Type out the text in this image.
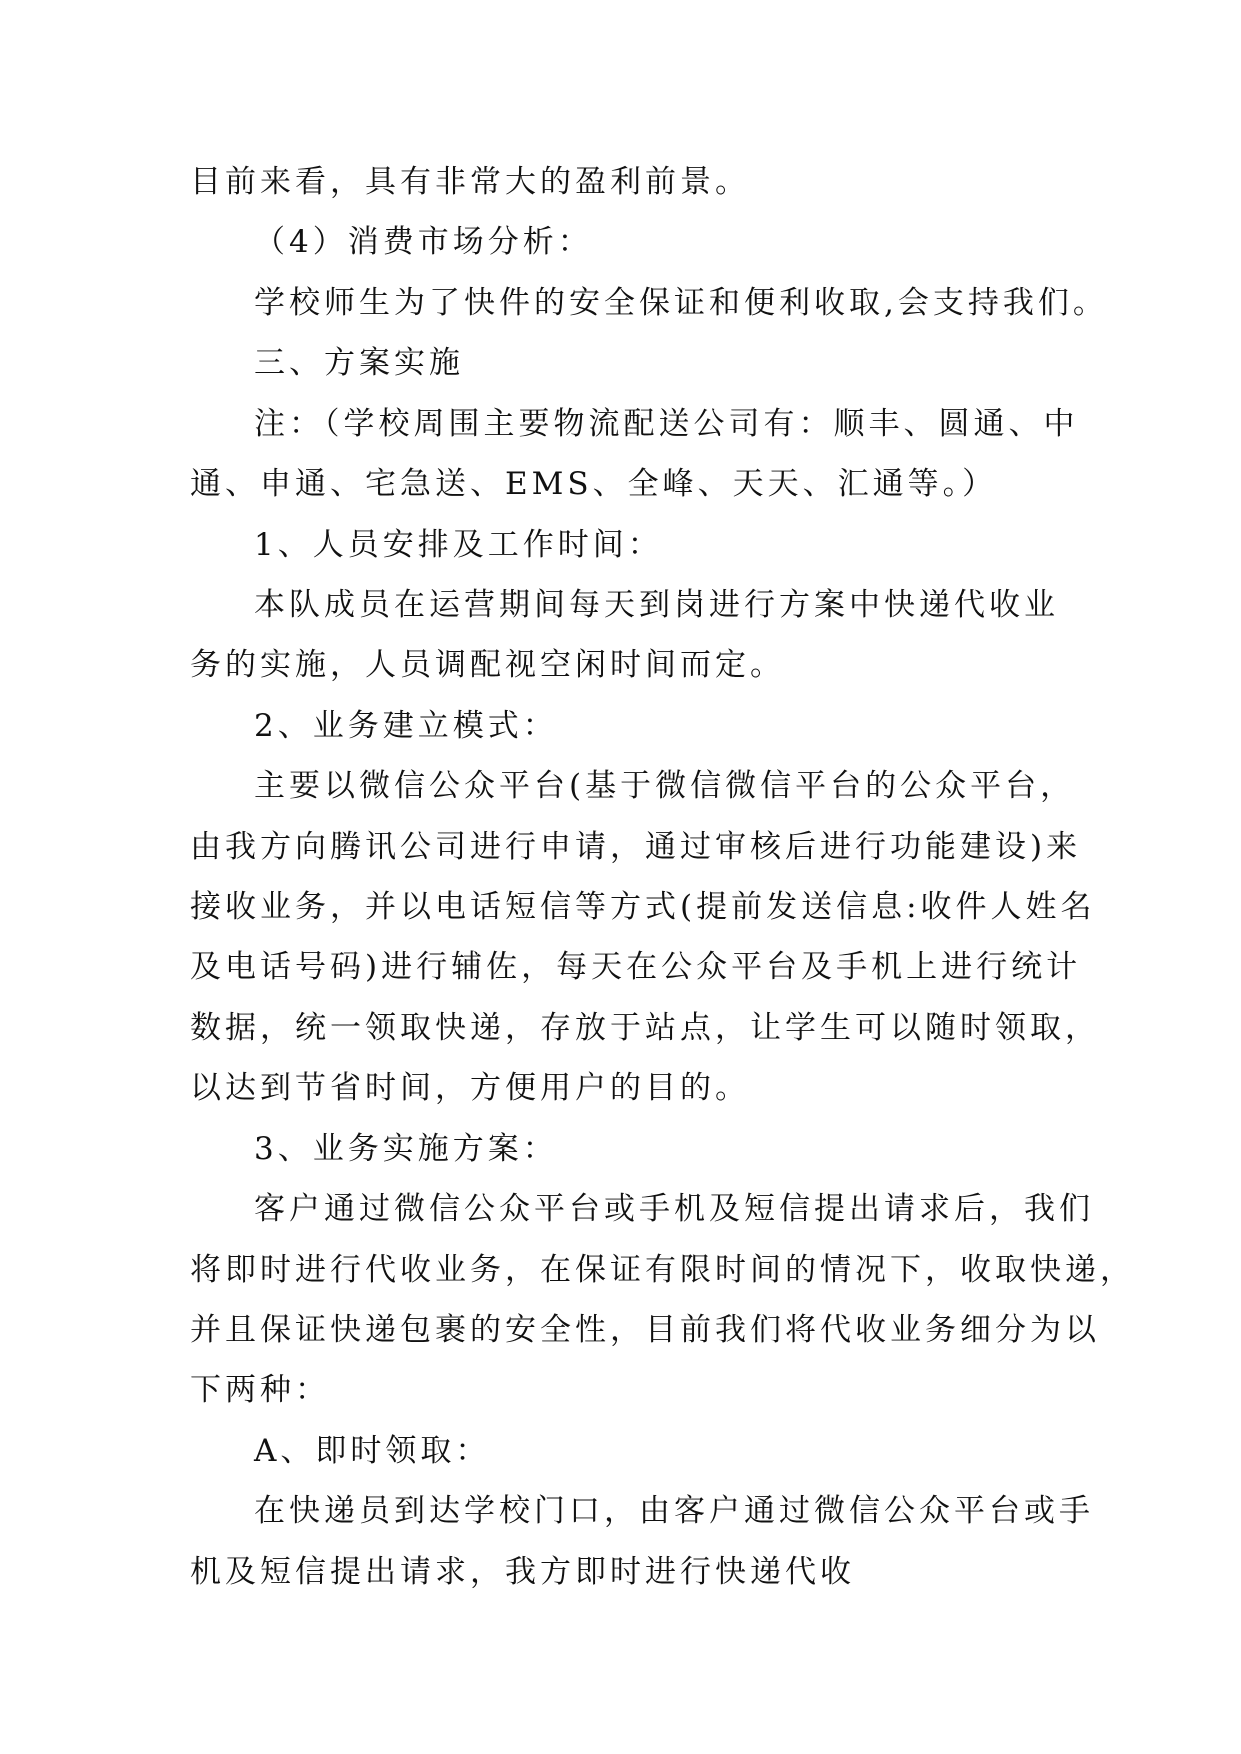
目前来看，具有非常大的盈利前景。
（4）消费市场分析：
学校师生为了快件的安全保证和便利收取,会支持我们。
三、方案实施
注：（学校周围主要物流配送公司有：顺丰、圆通、中
通、申通、宅急送、EMS、全峰、天天、汇通等。）
1、人员安排及工作时间：
本队成员在运营期间每天到岗进行方案中快递代收业
务的实施，人员调配视空闲时间而定。
2、业务建立模式：
主要以微信公众平台(基于微信微信平台的公众平台，
由我方向腾讯公司进行申请，通过审核后进行功能建设)来
接收业务，并以电话短信等方式(提前发送信息:收件人姓名
及电话号码)进行辅佐，每天在公众平台及手机上进行统计
数据，统一领取快递，存放于站点，让学生可以随时领取，
以达到节省时间，方便用户的目的。
3、业务实施方案：
客户通过微信公众平台或手机及短信提出请求后，我们
将即时进行代收业务，在保证有限时间的情况下，收取快递，
并且保证快递包裹的安全性，目前我们将代收业务细分为以
下两种：
A、即时领取：
在快递员到达学校门口，由客户通过微信公众平台或手
机及短信提出请求，我方即时进行快递代收
